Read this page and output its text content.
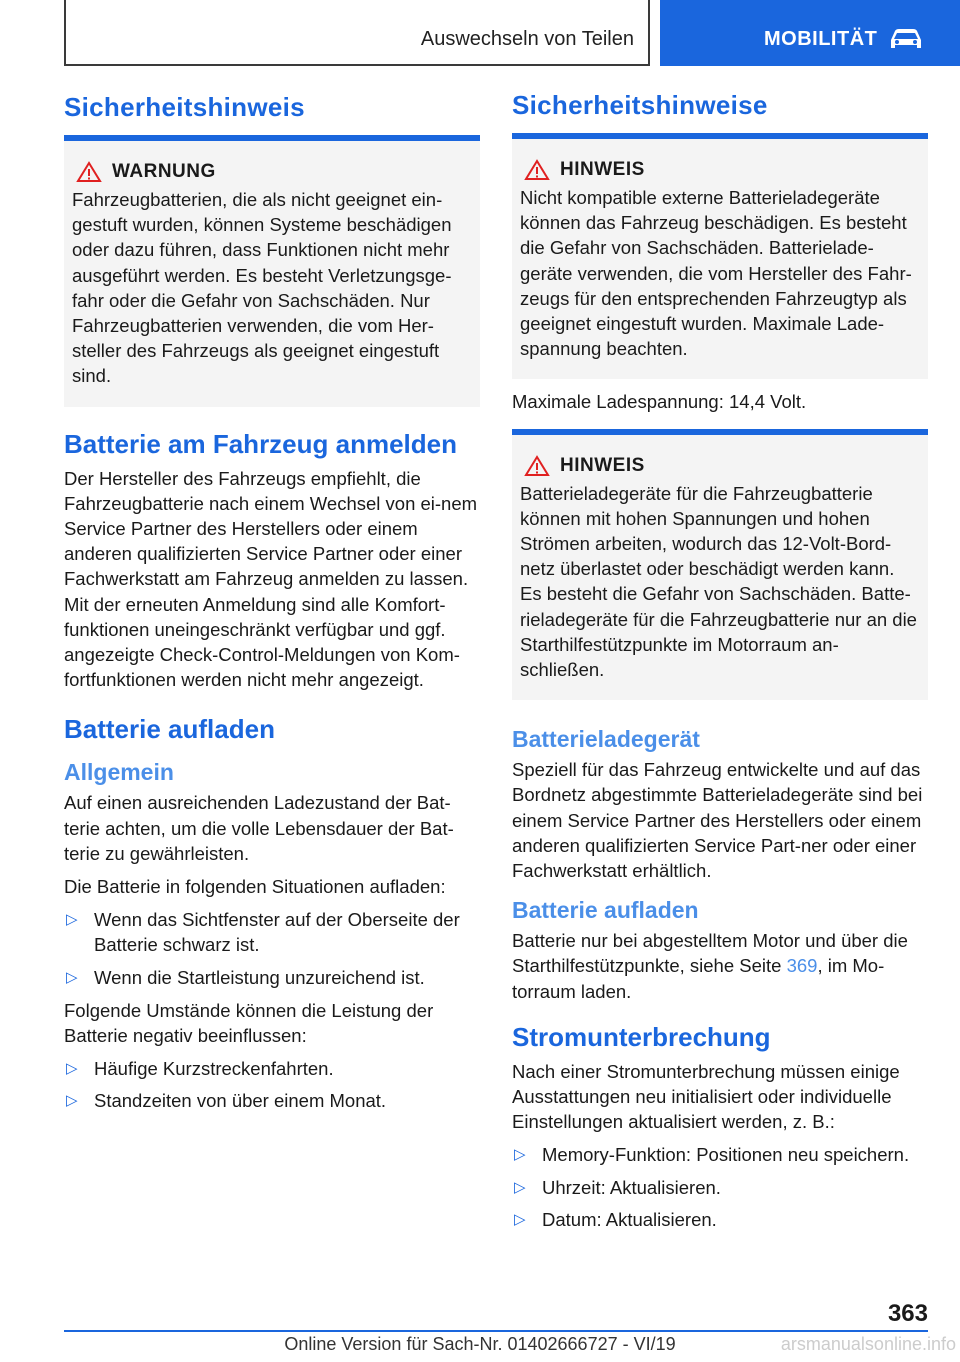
Auswechseln von Teilen	MOBILITÄT
Sicherheitshinweis
WARNUNG

Fahrzeugbatterien, die als nicht geeignet ein-gestuft wurden, können Systeme beschädigen oder dazu führen, dass Funktionen nicht mehr ausgeführt werden. Es besteht Verletzungsge-fahr oder die Gefahr von Sachschäden. Nur Fahrzeugbatterien verwenden, die vom Her-steller des Fahrzeugs als geeignet eingestuft sind.

Batterie am Fahrzeug anmelden

Der Hersteller des Fahrzeugs empfiehlt, die Fahrzeugbatterie nach einem Wechsel von ei-nem Service Partner des Herstellers oder einem anderen qualifizierten Service Partner oder einer Fachwerkstatt am Fahrzeug anmelden zu lassen. Mit der erneuten Anmeldung sind alle Komfort-funktionen uneingeschränkt verfügbar und ggf. angezeigte Check-Control-Meldungen von Kom-fortfunktionen werden nicht mehr angezeigt.

Batterie aufladen
Allgemein

Auf einen ausreichenden Ladezustand der Bat-terie achten, um die volle Lebensdauer der Bat-terie zu gewährleisten.

Die Batterie in folgenden Situationen aufladen:

▷ Wenn das Sichtfenster auf der Oberseite der Batterie schwarz ist.
▷ Wenn die Startleistung unzureichend ist.

Folgende Umstände können die Leistung der Batterie negativ beeinflussen:

▷ Häufige Kurzstreckenfahrten.
▷ Standzeiten von über einem Monat.
Sicherheitshinweise
HINWEIS

Nicht kompatible externe Batterieladegeräte können das Fahrzeug beschädigen. Es besteht die Gefahr von Sachschäden. Batterielade-geräte verwenden, die vom Hersteller des Fahr-zeugs für den entsprechenden Fahrzeugtyp als geeignet eingestuft wurden. Maximale Lade-spannung beachten.

Maximale Ladespannung: 14,4 Volt.

HINWEIS

Batterieladegeräte für die Fahrzeugbatterie können mit hohen Spannungen und hohen Strömen arbeiten, wodurch das 12-Volt-Bord-netz überlastet oder beschädigt werden kann. Es besteht die Gefahr von Sachschäden. Batte-rieladegeräte für die Fahrzeugbatterie nur an die Starthilfestützpunkte im Motorraum an-schließen.

Batterieladegerät

Speziell für das Fahrzeug entwickelte und auf das Bordnetz abgestimmte Batterieladegeräte sind bei einem Service Partner des Herstellers oder einem anderen qualifizierten Service Part-ner oder einer Fachwerkstatt erhältlich.

Batterie aufladen

Batterie nur bei abgestelltem Motor und über die Starthilfestützpunkte, siehe Seite 369, im Mo-torraum laden.

Stromunterbrechung

Nach einer Stromunterbrechung müssen einige Ausstattungen neu initialisiert oder individuelle Einstellungen aktualisiert werden, z. B.:

▷ Memory-Funktion: Positionen neu speichern.
▷ Uhrzeit: Aktualisieren.
▷ Datum: Aktualisieren.
363
Online Version für Sach-Nr. 01402666727 - VI/19	arsmanualsonline.info
